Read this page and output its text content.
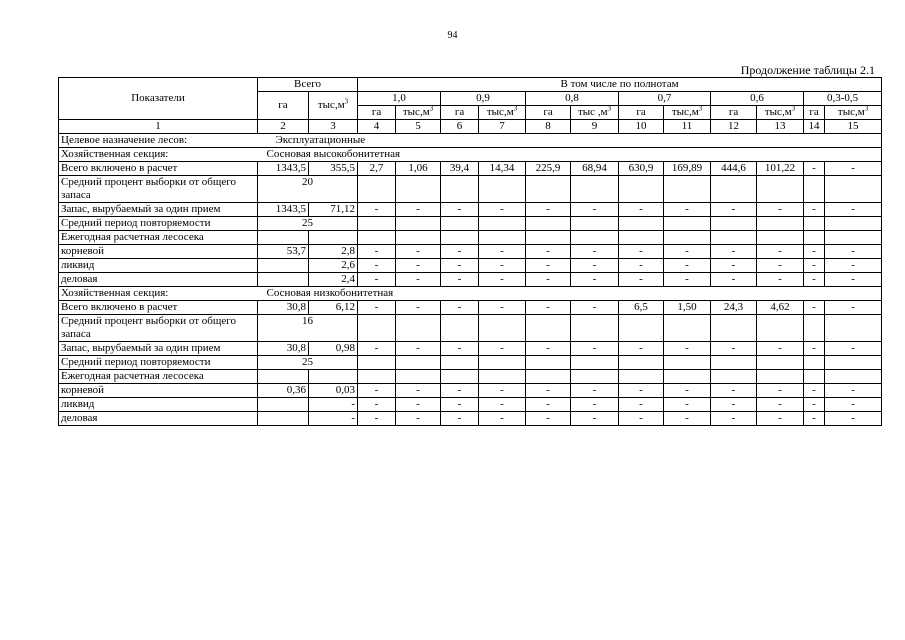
94
Продолжение таблицы 2.1
Показатели	Всего		В том числе по полнотам											
	га	$тыс,м^3$	1,0		0,9		0,8		0,7		0,6		0,3-0,5	
			га	$тыс,м^3$	га	$тыс,м^3$	га	тыс $,м^3$	га	$тыс,м^3$	га	$тыс,м^3$	га	$тыс,м^3$
1	2	3	4	5	6	7	8	9	10	11	12	13	14	15
Целевое назначение лесов:	Эксплуатационные													
Хозяйственная секция:	Сосновая высокобонитетная													
Всего включено в расчет	1343,5	355,5	2,7	1,06	39,4	14,34	225,9	68,94	630,9	169,89	444,6	101,22	-	-
Средний процент выборки от общего запаса	20													
Запас, вырубаемый за один прием	1343,5	71,12	-	-	-	-	-	-	-	-	-	-	-	-
Средний период повторяемости	25													
Ежегодная расчетная лесосека														
корневой	53,7	2,8	-	-	-	-	-	-	-	-	-	-	-	-
ликвид		2,6	-	-	-	-	-	-	-	-	-	-	-	-
деловая		2,4	-	-	-	-	-	-	-	-	-	-	-	-
Хозяйственная секция:	Сосновая низкобонитетная													
Всего включено в расчет	30,8	6,12	-	-	-	-	-	-	6,5	1,50	24,3	4,62	-	-
Средний процент выборки от общего запаса	16													
Запас, вырубаемый за один прием	30,8	0,98	-	-	-	-	-	-	-	-	-	-	-	-
Средний период повторяемости	25													
Ежегодная расчетная лесосека														
корневой	0,36	0,03	-	-	-	-	-	-	-	-	-	-	-	-
ликвид		-	-	-	-	-	-	-	-	-	-	-	-	-
деловая		-	-	-	-	-	-	-	-	-	-	-	-	-
